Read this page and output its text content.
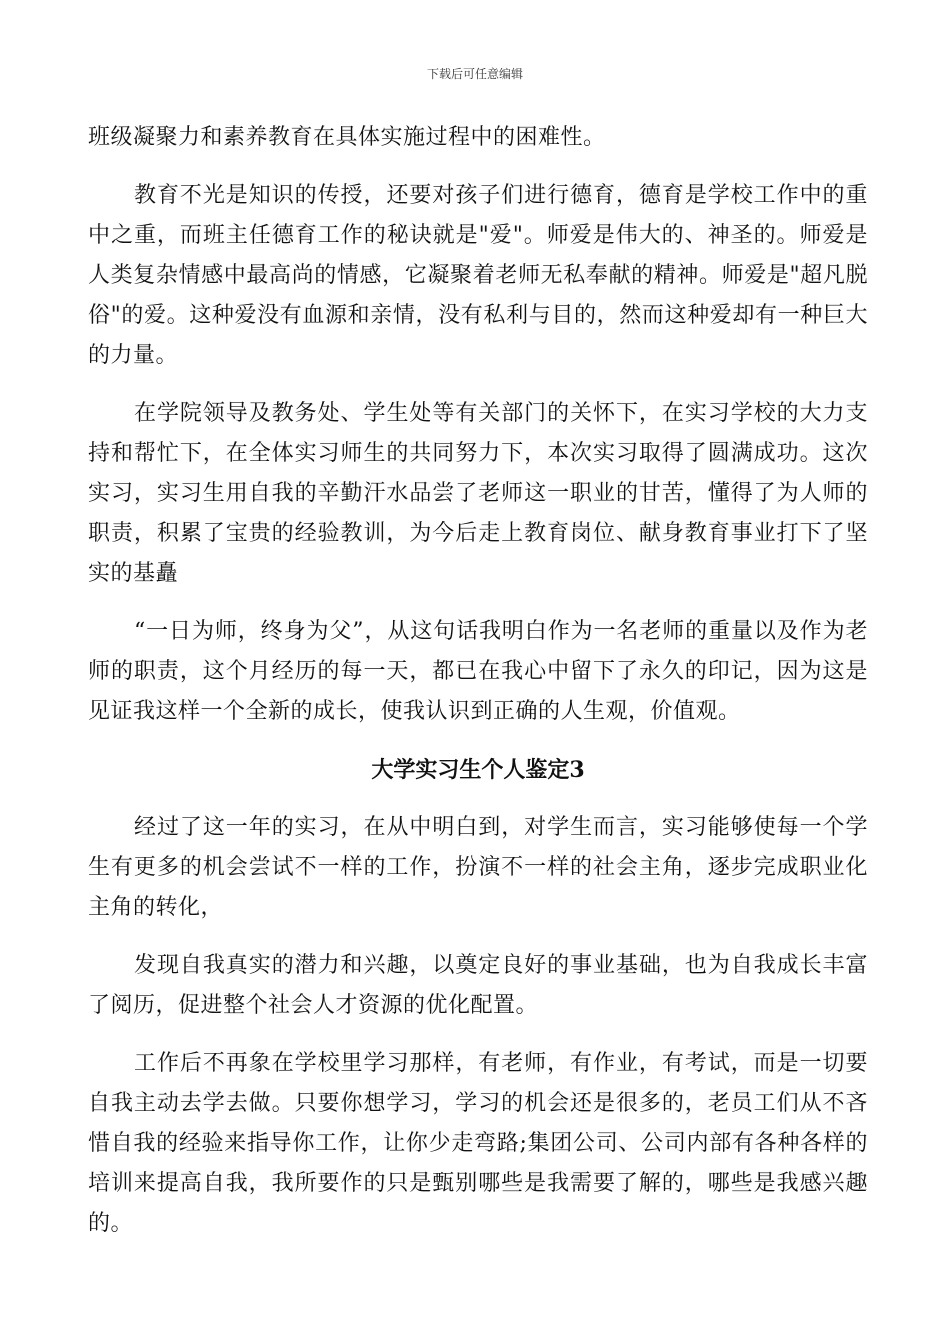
下载后可任意编辑

班级凝聚力和素养教育在具体实施过程中的困难性。

教育不光是知识的传授，还要对孩子们进行德育，德育是学校工作中的重中之重，而班主任德育工作的秘诀就是"爱"。师爱是伟大的、神圣的。师爱是人类复杂情感中最高尚的情感，它凝聚着老师无私奉献的精神。师爱是"超凡脱俗"的爱。这种爱没有血源和亲情，没有私利与目的，然而这种爱却有一种巨大的力量。

在学院领导及教务处、学生处等有关部门的关怀下，在实习学校的大力支持和帮忙下，在全体实习师生的共同努力下，本次实习取得了圆满成功。这次实习，实习生用自我的辛勤汗水品尝了老师这一职业的甘苦，懂得了为人师的职责，积累了宝贵的经验教训，为今后走上教育岗位、献身教育事业打下了坚实的基矗

“一日为师，终身为父”，从这句话我明白作为一名老师的重量以及作为老师的职责，这个月经历的每一天，都已在我心中留下了永久的印记，因为这是见证我这样一个全新的成长，使我认识到正确的人生观，价值观。

大学实习生个人鉴定3

经过了这一年的实习，在从中明白到，对学生而言，实习能够使每一个学生有更多的机会尝试不一样的工作，扮演不一样的社会主角，逐步完成职业化主角的转化，

发现自我真实的潜力和兴趣，以奠定良好的事业基础，也为自我成长丰富了阅历，促进整个社会人才资源的优化配置。

工作后不再象在学校里学习那样，有老师，有作业，有考试，而是一切要自我主动去学去做。只要你想学习，学习的机会还是很多的，老员工们从不吝惜自我的经验来指导你工作，让你少走弯路;集团公司、公司内部有各种各样的培训来提高自我，我所要作的只是甄别哪些是我需要了解的，哪些是我感兴趣的。
